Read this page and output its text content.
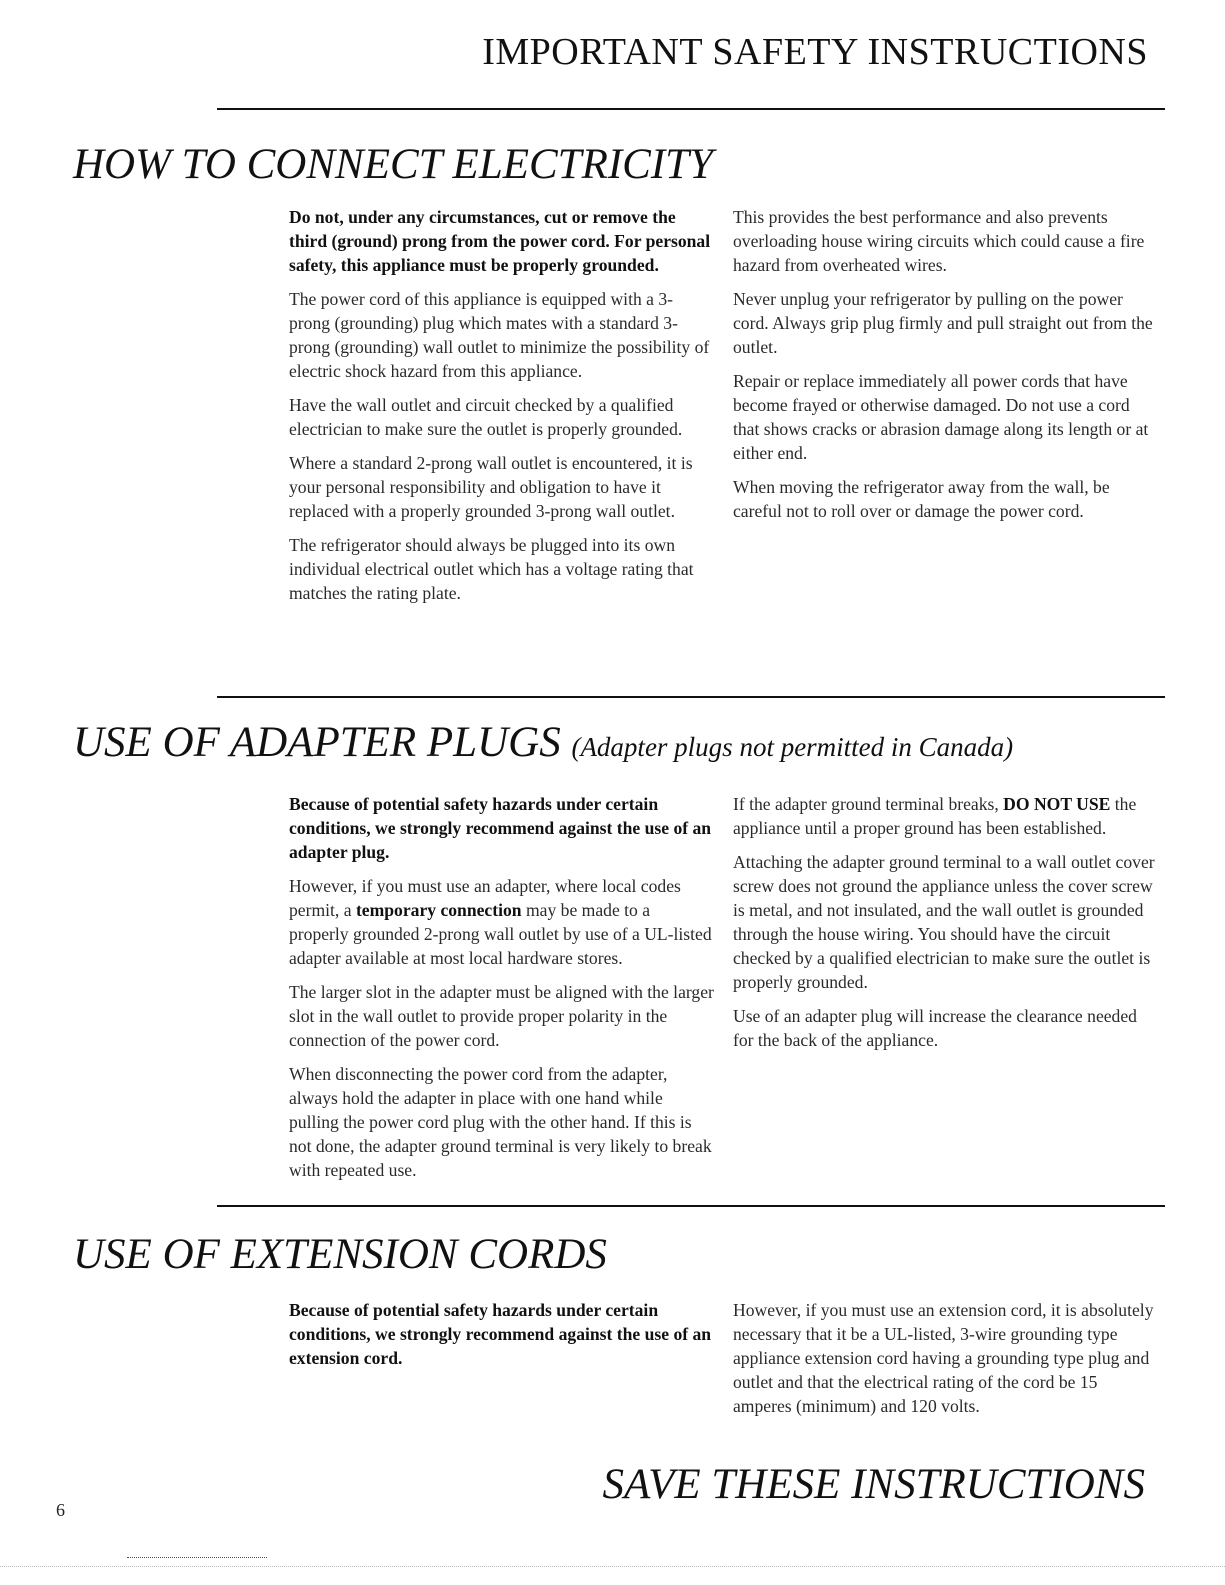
IMPORTANT SAFETY INSTRUCTIONS
HOW TO CONNECT ELECTRICITY

Do not, under any circumstances, cut or remove the third (ground) prong from the power cord. For personal safety, this appliance must be properly grounded.

The power cord of this appliance is equipped with a 3-prong (grounding) plug which mates with a standard 3-prong (grounding) wall outlet to minimize the possibility of electric shock hazard from this appliance.

Have the wall outlet and circuit checked by a qualified electrician to make sure the outlet is properly grounded.

Where a standard 2-prong wall outlet is encountered, it is your personal responsibility and obligation to have it replaced with a properly grounded 3-prong wall outlet.

The refrigerator should always be plugged into its own individual electrical outlet which has a voltage rating that matches the rating plate.

This provides the best performance and also prevents overloading house wiring circuits which could cause a fire hazard from overheated wires.

Never unplug your refrigerator by pulling on the power cord. Always grip plug firmly and pull straight out from the outlet.

Repair or replace immediately all power cords that have become frayed or otherwise damaged. Do not use a cord that shows cracks or abrasion damage along its length or at either end.

When moving the refrigerator away from the wall, be careful not to roll over or damage the power cord.

USE OF ADAPTER PLUGS (Adapter plugs not permitted in Canada)

Because of potential safety hazards under certain conditions, we strongly recommend against the use of an adapter plug.

However, if you must use an adapter, where local codes permit, a temporary connection may be made to a properly grounded 2-prong wall outlet by use of a UL-listed adapter available at most local hardware stores.

The larger slot in the adapter must be aligned with the larger slot in the wall outlet to provide proper polarity in the connection of the power cord.

When disconnecting the power cord from the adapter, always hold the adapter in place with one hand while pulling the power cord plug with the other hand. If this is not done, the adapter ground terminal is very likely to break with repeated use.

If the adapter ground terminal breaks, DO NOT USE the appliance until a proper ground has been established.

Attaching the adapter ground terminal to a wall outlet cover screw does not ground the appliance unless the cover screw is metal, and not insulated, and the wall outlet is grounded through the house wiring. You should have the circuit checked by a qualified electrician to make sure the outlet is properly grounded.

Use of an adapter plug will increase the clearance needed for the back of the appliance.

USE OF EXTENSION CORDS

Because of potential safety hazards under certain conditions, we strongly recommend against the use of an extension cord.

However, if you must use an extension cord, it is absolutely necessary that it be a UL-listed, 3-wire grounding type appliance extension cord having a grounding type plug and outlet and that the electrical rating of the cord be 15 amperes (minimum) and 120 volts.

SAVE THESE INSTRUCTIONS
6
